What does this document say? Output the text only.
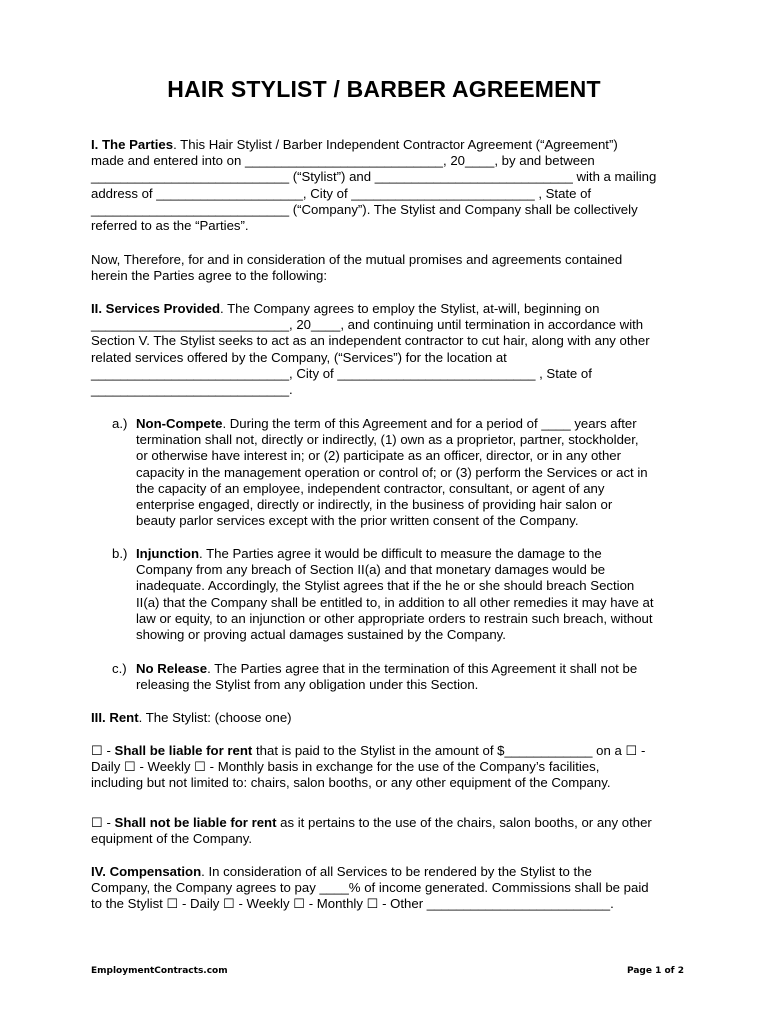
HAIR STYLIST / BARBER AGREEMENT
I. The Parties. This Hair Stylist / Barber Independent Contractor Agreement (“Agreement”)
made and entered into on ___________________________, 20____, by and between
___________________________ (“Stylist”) and ___________________________ with a mailing
address of ____________________, City of _________________________ , State of
___________________________ (“Company”). The Stylist and Company shall be collectively
referred to as the “Parties”.
Now, Therefore, for and in consideration of the mutual promises and agreements contained
herein the Parties agree to the following:
II. Services Provided. The Company agrees to employ the Stylist, at-will, beginning on
___________________________, 20____, and continuing until termination in accordance with
Section V. The Stylist seeks to act as an independent contractor to cut hair, along with any other
related services offered by the Company, (“Services”) for the location at
___________________________, City of ___________________________ , State of
___________________________.
a.) Non-Compete. During the term of this Agreement and for a period of ____ years after
termination shall not, directly or indirectly, (1) own as a proprietor, partner, stockholder,
or otherwise have interest in; or (2) participate as an officer, director, or in any other
capacity in the management operation or control of; or (3) perform the Services or act in
the capacity of an employee, independent contractor, consultant, or agent of any
enterprise engaged, directly or indirectly, in the business of providing hair salon or
beauty parlor services except with the prior written consent of the Company.
b.) Injunction. The Parties agree it would be difficult to measure the damage to the
Company from any breach of Section II(a) and that monetary damages would be
inadequate. Accordingly, the Stylist agrees that if the he or she should breach Section
II(a) that the Company shall be entitled to, in addition to all other remedies it may have at
law or equity, to an injunction or other appropriate orders to restrain such breach, without
showing or proving actual damages sustained by the Company.
c.) No Release. The Parties agree that in the termination of this Agreement it shall not be
releasing the Stylist from any obligation under this Section.
III. Rent. The Stylist: (choose one)
☐ - Shall be liable for rent that is paid to the Stylist in the amount of $____________ on a ☐ -
Daily ☐ - Weekly ☐ - Monthly basis in exchange for the use of the Company’s facilities,
including but not limited to: chairs, salon booths, or any other equipment of the Company.
☐ - Shall not be liable for rent as it pertains to the use of the chairs, salon booths, or any other
equipment of the Company.
IV. Compensation. In consideration of all Services to be rendered by the Stylist to the
Company, the Company agrees to pay ____% of income generated. Commissions shall be paid
to the Stylist ☐ - Daily ☐ - Weekly ☐ - Monthly ☐ - Other _________________________.
EmploymentContracts.com	Page 1 of 2
